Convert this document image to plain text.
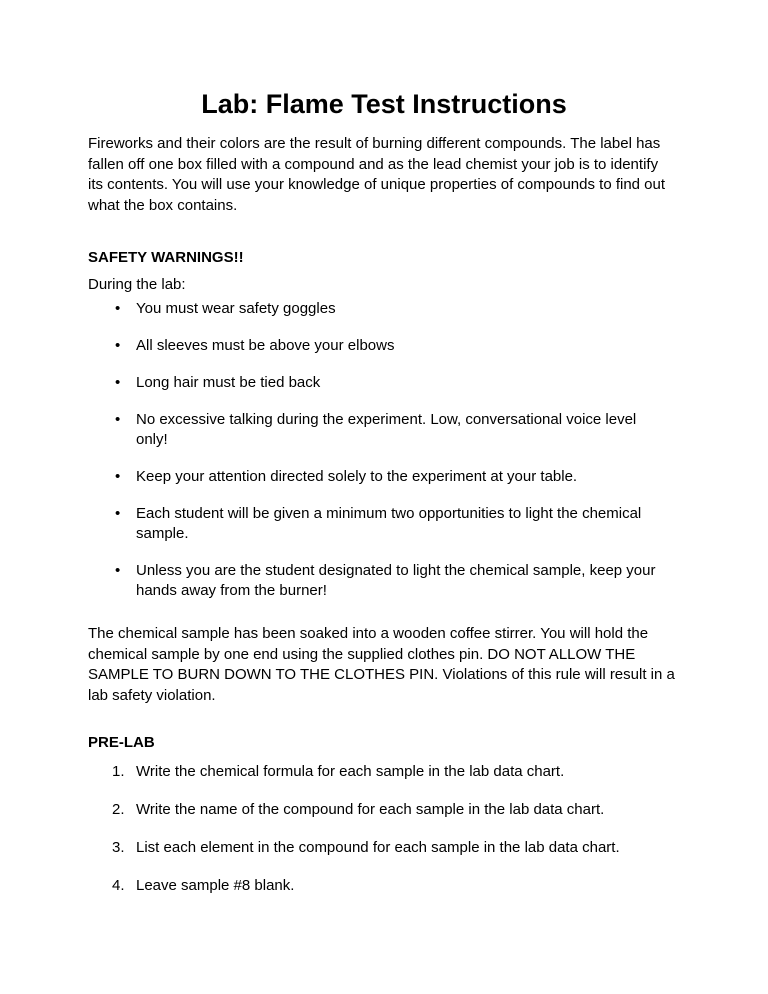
Lab: Flame Test Instructions

Fireworks and their colors are the result of burning different compounds. The label has fallen off one box filled with a compound and as the lead chemist your job is to identify its contents. You will use your knowledge of unique properties of compounds to find out what the box contains.

SAFETY WARNINGS!!

During the lab:

• You must wear safety goggles
• All sleeves must be above your elbows
• Long hair must be tied back
• No excessive talking during the experiment. Low, conversational voice level only!
• Keep your attention directed solely to the experiment at your table.
• Each student will be given a minimum two opportunities to light the chemical sample.
• Unless you are the student designated to light the chemical sample, keep your hands away from the burner!

The chemical sample has been soaked into a wooden coffee stirrer. You will hold the chemical sample by one end using the supplied clothes pin. DO NOT ALLOW THE SAMPLE TO BURN DOWN TO THE CLOTHES PIN. Violations of this rule will result in a lab safety violation.

PRE-LAB

1. Write the chemical formula for each sample in the lab data chart.
2. Write the name of the compound for each sample in the lab data chart.
3. List each element in the compound for each sample in the lab data chart.
4. Leave sample #8 blank.
